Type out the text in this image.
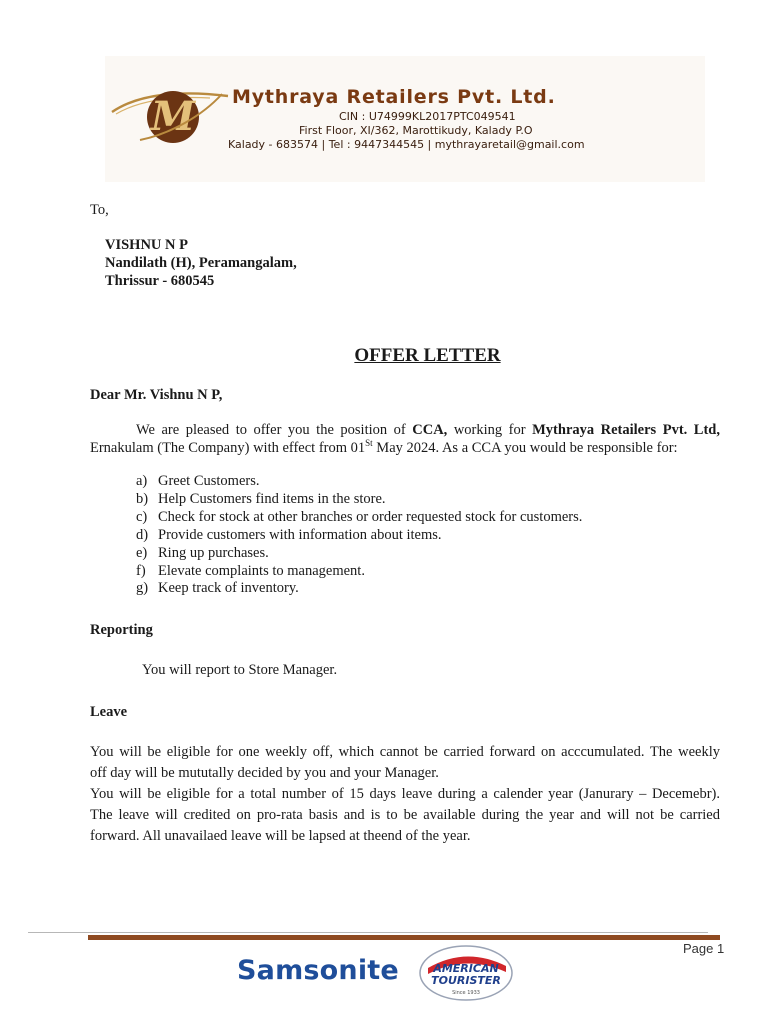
M Mythraya Retailers Pvt. Ltd.
CIN : U74999KL2017PTC049541
First Floor, XI/362, Marottikudy, Kalady P.O
Kalady - 683574 | Tel : 9447344545 | mythrayaretail@gmail.com
To,
VISHNU N P
Nandilath (H), Peramangalam,
Thrissur - 680545
OFFER LETTER
Dear Mr. Vishnu N P,
We are pleased to offer you the position of CCA, working for Mythraya Retailers Pvt. Ltd,
Ernakulam (The Company) with effect from 01St May 2024. As a CCA you would be responsible for:
a) Greet Customers.
b) Help Customers find items in the store.
c) Check for stock at other branches or order requested stock for customers.
d) Provide customers with information about items.
e) Ring up purchases.
f) Elevate complaints to management.
g) Keep track of inventory.
Reporting
You will report to Store Manager.
Leave
You will be eligible for one weekly off, which cannot be carried forward on acccumulated. The weekly
off day will be mututally decided by you and your Manager.
You will be eligible for a total number of 15 days leave during a calender year (Janurary – Decemebr).
The leave will credited on pro-rata basis and is to be available during the year and will not be carried
forward. All unavailaed leave will be lapsed at theend of the year.
Page 1
Samsonite	AMERICAN
TOURISTER
Since 1933
